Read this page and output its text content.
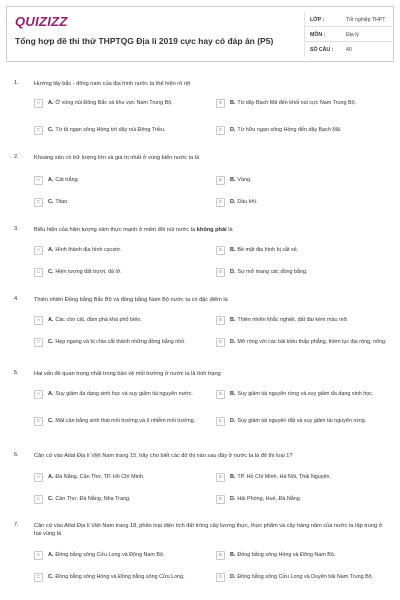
QUIZIZZ
Tổng hợp đề thi thử THPTQG Địa lí 2019 cực hay có đáp án (P5)
LỚP :	Tốt nghiệp THPT
MÔN :	Địa lý
SỐ CÂU : 40
1.	Hướng tây bắc - đông nam của địa hình nước ta thể hiện rõ rệt
A	A. Ở vùng núi Đông Bắc và khu vực Nam Trung Bộ.	B	B. Từ dãy Bạch Mã đến khối núi cực Nam Trung Bộ.
C	C. Từ tả ngạn sông Hồng tới dãy núi Đông Triều.	D	D. Từ hữu ngạn sông Hồng đến dãy Bạch Mã.
2.	Khoáng sản có trữ lượng lớn và giá trị nhất ở vùng biển nước ta là
A	A. Cát trắng.	B	B. Vàng.
C	C. Titan.	D	D. Dầu khí.
3.	Biểu hiện của hiện tượng xâm thực mạnh ở miền đồi núi nước ta không phải là
A	A. Hình thành địa hình cacxtơ.	B	B. Bề mặt địa hình bị cắt xẻ.
C	C. Hiện tượng đất trượt, đá lở.	D	D. Sự mở mang các đồng bằng.
4.	Thiên nhiên Đồng bằng Bắc Bộ và đồng bằng Nam Bộ nước ta có đặc điểm là
A	A. Các cồn cát, đầm phá khá phổ biến.	B	B. Thiên nhiên khắc nghiệt, đất đai kém màu mỡ.
C	C. Hẹp ngang và bị chia cắt thành những đồng bằng nhỏ.	D	D. Mở rộng với các bãi triều thấp phẳng, thềm lục địa rộng, nông.
5.	Hai vấn đề quan trọng nhất trong bảo vệ môi trường ở nước ta là tình trạng
A	A. Suy giảm đa dạng sinh học và suy giảm tài nguyên nước.	B	B. Suy giảm tài nguyên rừng và suy giảm đa dạng sinh học.
C	C. Mất cân bằng sinh thái môi trường và ô nhiễm môi trường.	D	D. Suy giảm tài nguyên đất và suy giảm tài nguyên rừng.
6.	Căn cứ vào Atlat Địa lí Việt Nam trang 15, hãy cho biết các đô thị nào sau đây ở nước ta là đô thị loại 1?
A	A. Đà Nẵng, Cần Thơ, TP. Hồ Chí Minh.	B	B. TP. Hồ Chí Minh, Hà Nội, Thái Nguyên.
C	C. Cần Thơ, Đà Nẵng, Nha Trang.	D	D. Hải Phòng, Huế, Đà Nẵng.
7.	Căn cứ vào Atlat Địa lí Việt Nam trang 18, phân loại diện tích đất trồng cây lương thực, thực phẩm và cây hàng năm của nước ta tập trung ở hai vùng là
A	A. Đồng bằng sông Cửu Long và Đông Nam Bộ.	B	B. Đồng bằng sông Hồng và Đông Nam Bộ.
C	C. Đồng bằng sông Hồng và Đồng bằng sông Cửu Long.	D	D. Đồng bằng sông Cửu Long và Duyên hải Nam Trung Bộ.
